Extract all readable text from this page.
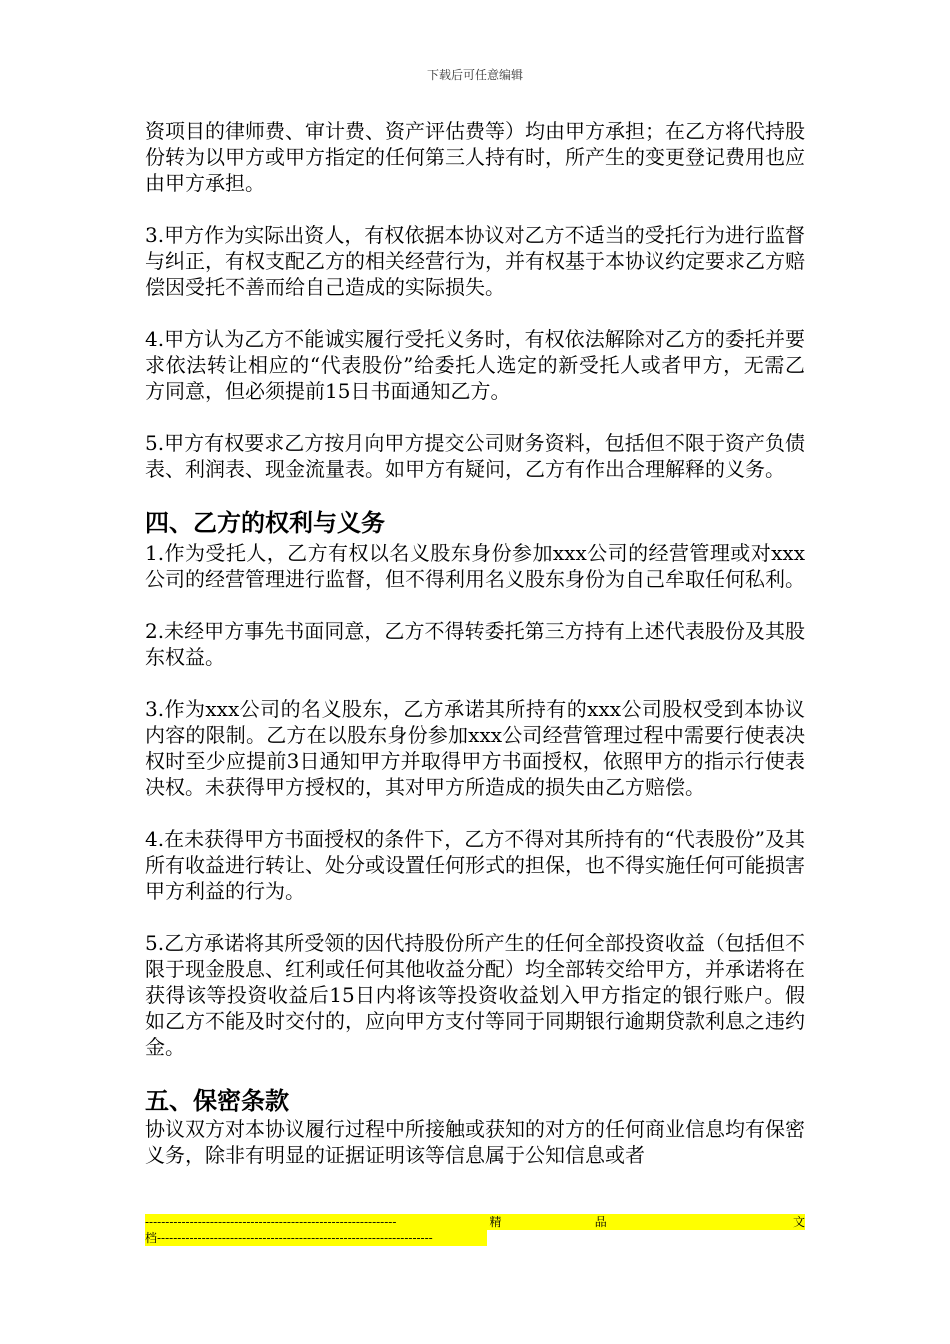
下载后可任意编辑

资项目的律师费、审计费、资产评估费等）均由甲方承担；在乙方将代持股份转为以甲方或甲方指定的任何第三人持有时，所产生的变更登记费用也应由甲方承担。

3.甲方作为实际出资人，有权依据本协议对乙方不适当的受托行为进行监督与纠正，有权支配乙方的相关经营行为，并有权基于本协议约定要求乙方赔偿因受托不善而给自己造成的实际损失。

4.甲方认为乙方不能诚实履行受托义务时，有权依法解除对乙方的委托并要求依法转让相应的“代表股份”给委托人选定的新受托人或者甲方，无需乙方同意，但必须提前15日书面通知乙方。

5.甲方有权要求乙方按月向甲方提交公司财务资料，包括但不限于资产负债表、利润表、现金流量表。如甲方有疑问，乙方有作出合理解释的义务。

四、乙方的权利与义务

1.作为受托人，乙方有权以名义股东身份参加xxx公司的经营管理或对xxx公司的经营管理进行监督，但不得利用名义股东身份为自己牟取任何私利。

2.未经甲方事先书面同意，乙方不得转委托第三方持有上述代表股份及其股东权益。

3.作为xxx公司的名义股东，乙方承诺其所持有的xxx公司股权受到本协议内容的限制。乙方在以股东身份参加xxx公司经营管理过程中需要行使表决权时至少应提前3日通知甲方并取得甲方书面授权，依照甲方的指示行使表决权。未获得甲方授权的，其对甲方所造成的损失由乙方赔偿。

4.在未获得甲方书面授权的条件下，乙方不得对其所持有的“代表股份”及其所有收益进行转让、处分或设置任何形式的担保，也不得实施任何可能损害甲方利益的行为。

5.乙方承诺将其所受领的因代持股份所产生的任何全部投资收益（包括但不限于现金股息、红利或任何其他收益分配）均全部转交给甲方，并承诺将在获得该等投资收益后15日内将该等投资收益划入甲方指定的银行账户。假如乙方不能及时交付的，应向甲方支付等同于同期银行逾期贷款利息之违约金。

五、保密条款

协议双方对本协议履行过程中所接触或获知的对方的任何商业信息均有保密义务，除非有明显的证据证明该等信息属于公知信息或者

--------------------------------------------------------------	精	品	文
档--------------------------------------------------------------------
